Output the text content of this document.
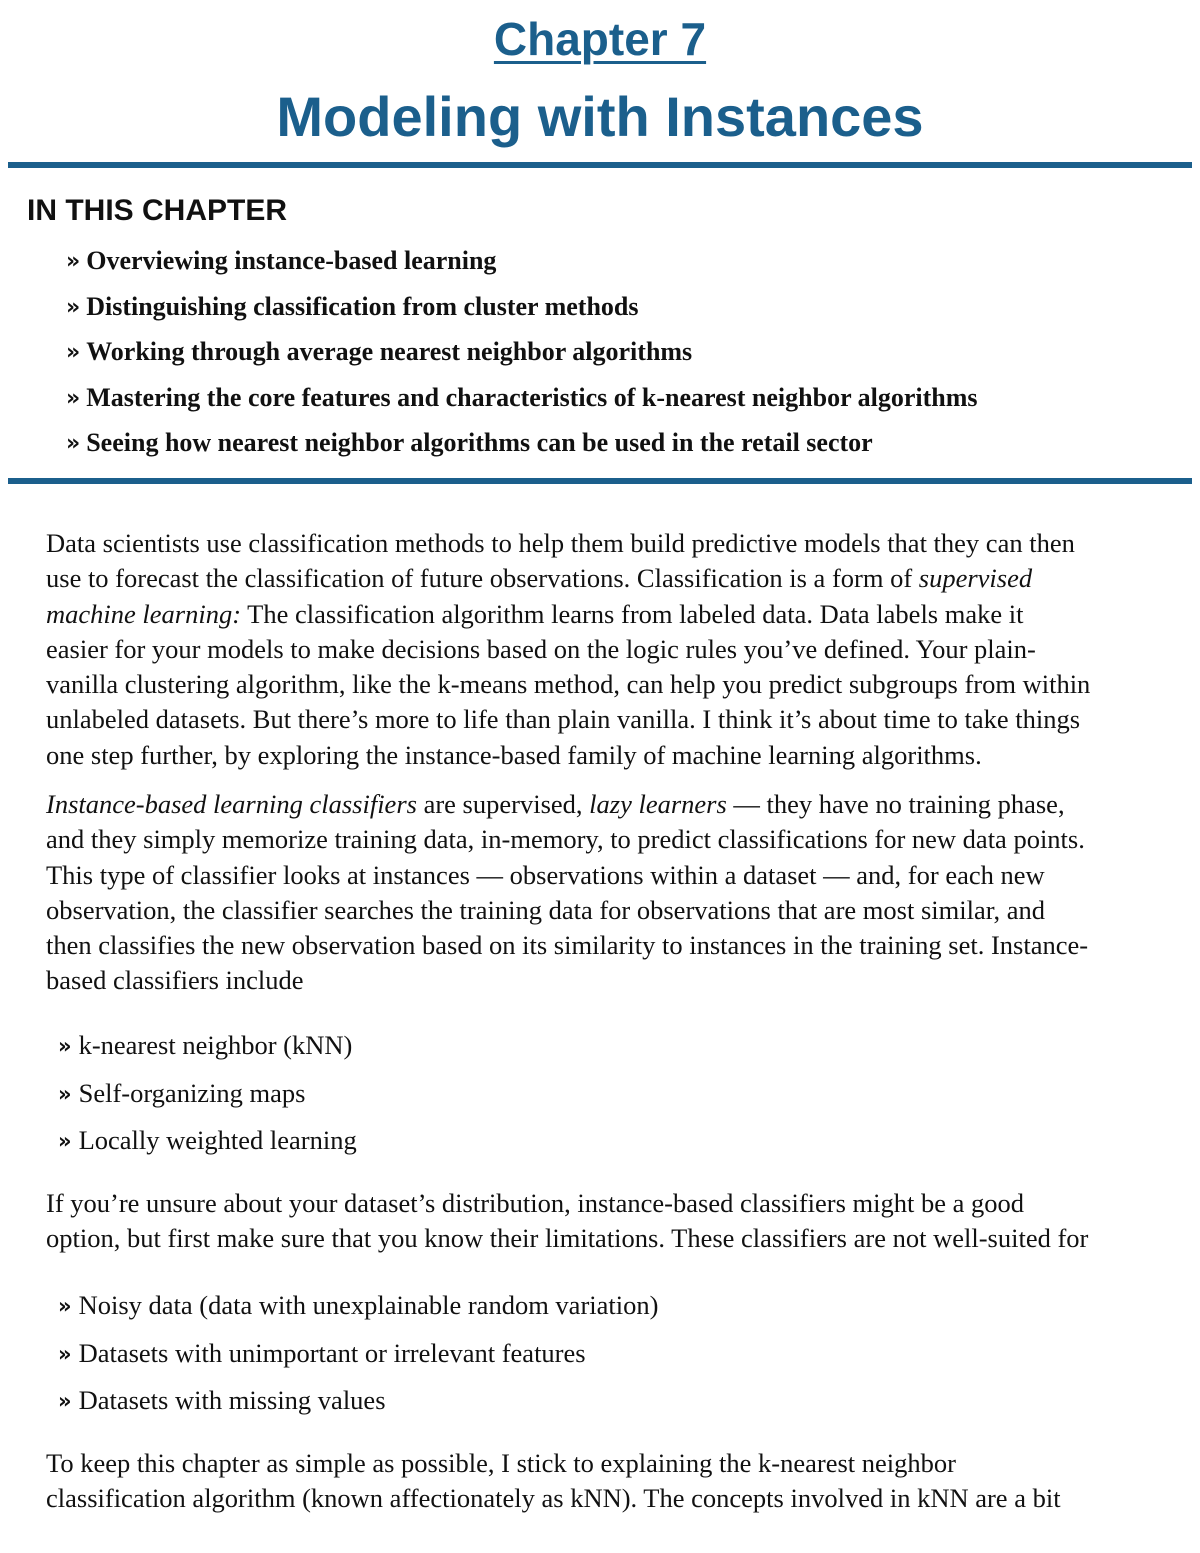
Chapter 7
Modeling with Instances
IN THIS CHAPTER
» Overviewing instance-based learning
» Distinguishing classification from cluster methods
» Working through average nearest neighbor algorithms
» Mastering the core features and characteristics of k-nearest neighbor algorithms
» Seeing how nearest neighbor algorithms can be used in the retail sector

Data scientists use classification methods to help them build predictive models that they can then
use to forecast the classification of future observations. Classification is a form of supervised
machine learning: The classification algorithm learns from labeled data. Data labels make it
easier for your models to make decisions based on the logic rules you’ve defined. Your plain-
vanilla clustering algorithm, like the k-means method, can help you predict subgroups from within
unlabeled datasets. But there’s more to life than plain vanilla. I think it’s about time to take things
one step further, by exploring the instance-based family of machine learning algorithms.

Instance-based learning classifiers are supervised, lazy learners — they have no training phase,
and they simply memorize training data, in-memory, to predict classifications for new data points.
This type of classifier looks at instances — observations within a dataset — and, for each new
observation, the classifier searches the training data for observations that are most similar, and
then classifies the new observation based on its similarity to instances in the training set. Instance-
based classifiers include

» k-nearest neighbor (kNN)
» Self-organizing maps
» Locally weighted learning

If you’re unsure about your dataset’s distribution, instance-based classifiers might be a good
option, but first make sure that you know their limitations. These classifiers are not well-suited for

» Noisy data (data with unexplainable random variation)
» Datasets with unimportant or irrelevant features
» Datasets with missing values

To keep this chapter as simple as possible, I stick to explaining the k-nearest neighbor
classification algorithm (known affectionately as kNN). The concepts involved in kNN are a bit
